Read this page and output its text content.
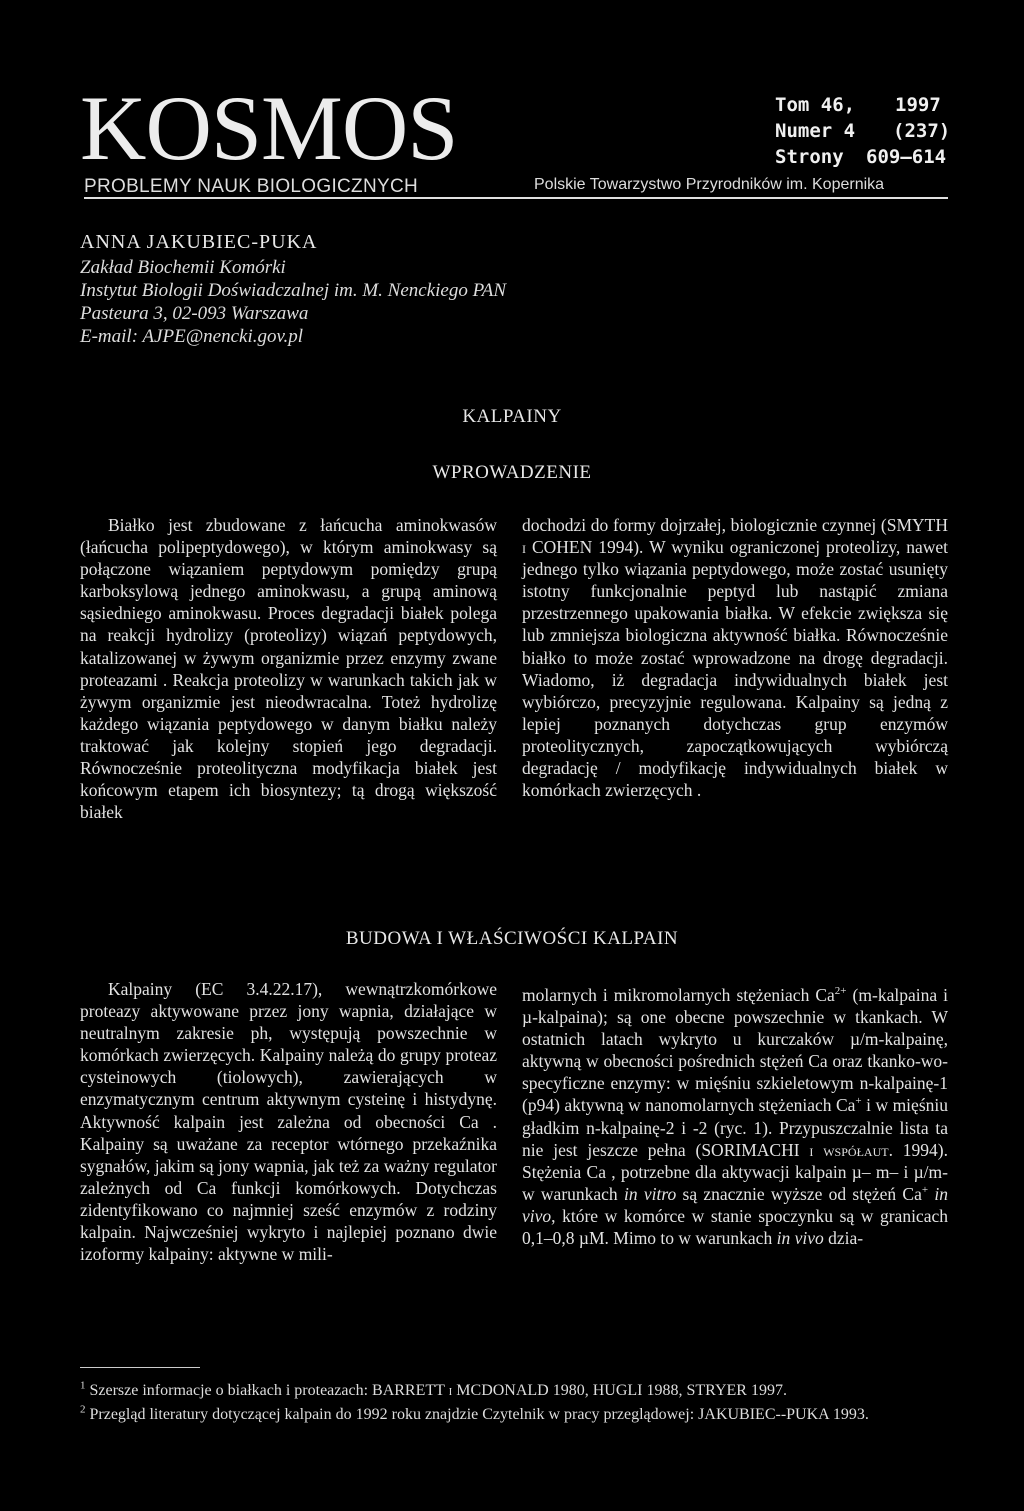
KOSMOS
PROBLEMY NAUK BIOLOGICZNYCH
Tom 46,
Numer 4
Strony
1997
(237)
609–614
Polskie Towarzystwo Przyrodników im. Kopernika
ANNA JAKUBIEC-PUKA
Zakład Biochemii Komórki
Instytut Biologii Doświadczalnej im. M. Nenckiego PAN
Pasteura 3, 02-093 Warszawa
E-mail: AJPE@nencki.gov.pl
KALPAINY
WPROWADZENIE

Białko jest zbudowane z łańcucha aminokwasów (łańcucha polipeptydowego), w którym aminokwasy są połączone wiązaniem peptydowym pomiędzy grupą karboksylową jednego aminokwasu, a grupą aminową sąsiedniego aminokwasu. Proces degradacji białek polega na reakcji hydrolizy (proteolizy) wiązań peptydowych, katalizowanej w żywym organizmie przez enzymy zwane proteazami . Reakcja proteolizy w warunkach takich jak w żywym organizmie jest nieodwracalna. Toteż hydrolizę każdego wiązania peptydowego w danym białku należy traktować jak kolejny stopień jego degradacji. Równocześnie proteolityczna modyfikacja białek jest końcowym etapem ich biosyntezy; tą drogą większość białek

dochodzi do formy dojrzałej, biologicznie czynnej (SMYTH i COHEN 1994). W wyniku ograniczonej proteolizy, nawet jednego tylko wiązania peptydowego, może zostać usunięty istotny funkcjonalnie peptyd lub nastąpić zmiana przestrzennego upakowania białka. W efekcie zwiększa się lub zmniejsza biologiczna aktywność białka. Równocześnie białko to może zostać wprowadzone na drogę degradacji. Wiadomo, iż degradacja indywidualnych białek jest wybiórczo, precyzyjnie regulowana. Kalpainy są jedną z lepiej poznanych dotychczas grup enzymów proteolitycznych, zapoczątkowujących wybiórczą degradację / modyfikację indywidualnych białek w komórkach zwierzęcych .

BUDOWA I WŁAŚCIWOŚCI KALPAIN

Kalpainy (EC 3.4.22.17), wewnątrzkomórkowe proteazy aktywowane przez jony wapnia, działające w neutralnym zakresie ph, występują powszechnie w komórkach zwierzęcych. Kalpainy należą do grupy proteaz cysteinowych (tiolowych), zawierających w enzymatycznym centrum aktywnym cysteinę i histydynę. Aktywność kalpain jest zależna od obecności Ca . Kalpainy są uważane za receptor wtórnego przekaźnika sygnałów, jakim są jony wapnia, jak też za ważny regulator zależnych od Ca funkcji komórkowych. Dotychczas zidentyfikowano co najmniej sześć enzymów z rodziny kalpain. Najwcześniej wykryto i najlepiej poznano dwie izoformy kalpainy: aktywne w mili-

molarnych i mikromolarnych stężeniach $Ca^{2+}$ (m-kalpaina i µ-kalpaina); są one obecne powszechnie w tkankach. W ostatnich latach wykryto u kurczaków µ/m-kalpainę, aktywną w obecności pośrednich stężeń Ca oraz tkanko-wo-specyficzne enzymy: w mięśniu szkieletowym n-kalpainę-1 (p94) aktywną w nanomolarnych stężeniach Ca+ i w mięśniu gładkim n-kalpainę-2 i -2 (ryc. 1). Przypuszczalnie lista ta nie jest jeszcze pełna (SORIMACHI i współaut. 1994). Stężenia Ca , potrzebne dla aktywacji kalpain µ– m– i µ/m- w warunkach in vitro są znacznie wyższe od stężeń Ca+ in vivo, które w komórce w stanie spoczynku są w granicach 0,1–0,8 µM. Mimo to w warunkach in vivo dzia-

$^1$ Szersze informacje o białkach i proteazach: BARRETT i MCDONALD 1980, HUGLI 1988, STRYER 1997.
$^2$ Przegląd literatury dotyczącej kalpain do 1992 roku znajdzie Czytelnik w pracy przeglądowej: JAKUBIEC--PUKA 1993.
